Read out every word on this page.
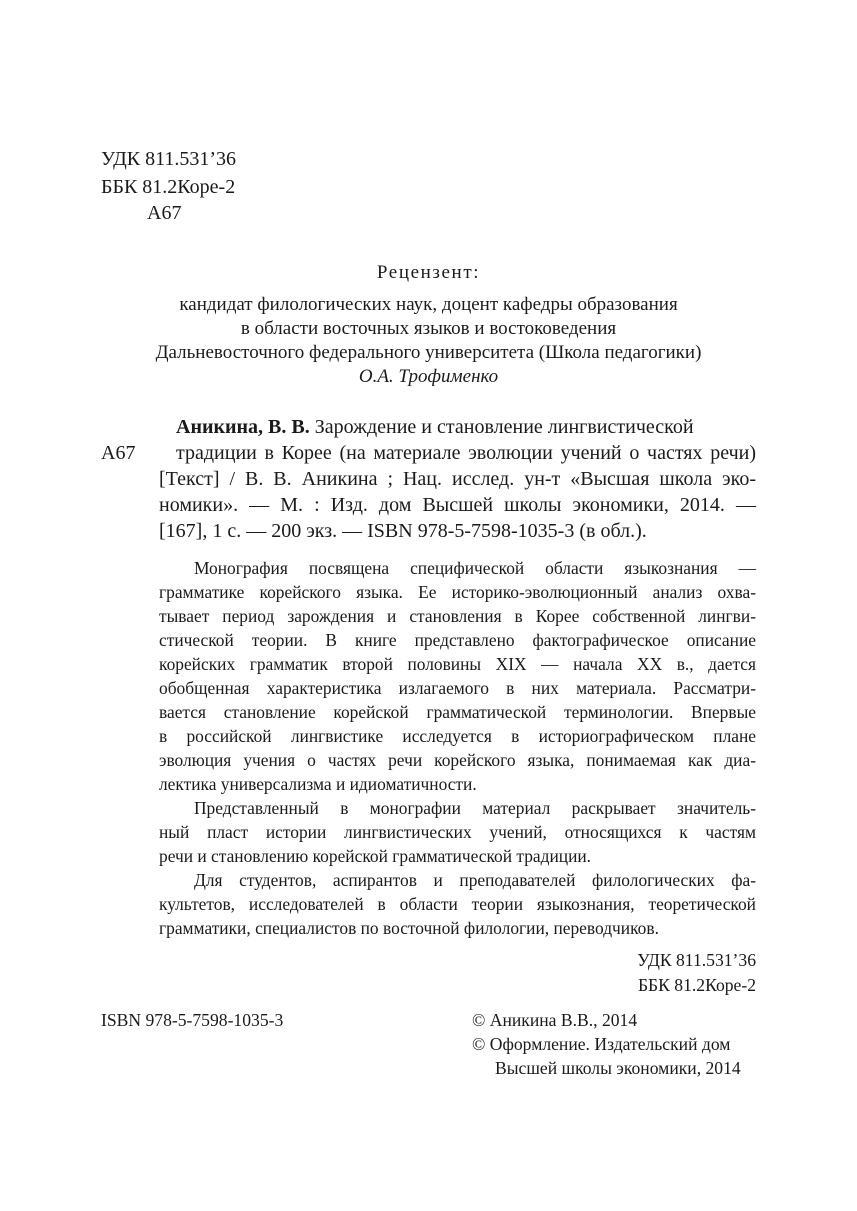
УДК 811.531’36
ББК 81.2Коре-2
А67
Рецензент:
кандидат филологических наук, доцент кафедры образования
в области восточных языков и востоковедения
Дальневосточного федерального университета (Школа педагогики)
О.А. Трофименко
А67
Аникина, В. В. Зарождение и становление лингвистической
традиции в Корее (на материале эволюции учений о частях речи)
[Текст] / В. В. Аникина ; Нац. исслед. ун-т «Высшая школа эко-
номики». — М. : Изд. дом Высшей школы экономики, 2014. —
[167], 1 с. — 200 экз. — ISBN 978-5-7598-1035-3 (в обл.).
Монография посвящена специфической области языкознания —
грамматике корейского языка. Ее историко-эволюционный анализ охва-
тывает период зарождения и становления в Корее собственной лингви-
стической теории. В книге представлено фактографическое описание
корейских грамматик второй половины XIX — начала XX в., дается
обобщенная характеристика излагаемого в них материала. Рассматри-
вается становление корейской грамматической терминологии. Впервые
в российской лингвистике исследуется в историографическом плане
эволюция учения о частях речи корейского языка, понимаемая как диа-
лектика универсализма и идиоматичности.
Представленный в монографии материал раскрывает значитель-
ный пласт истории лингвистических учений, относящихся к частям
речи и становлению корейской грамматической традиции.
Для студентов, аспирантов и преподавателей филологических фа-
культетов, исследователей в области теории языкознания, теоретической
грамматики, специалистов по восточной филологии, переводчиков.
УДК 811.531’36
ББК 81.2Коре-2
ISBN 978-5-7598-1035-3	© Аникина В.В., 2014
© Оформление. Издательский дом
Высшей школы экономики, 2014
